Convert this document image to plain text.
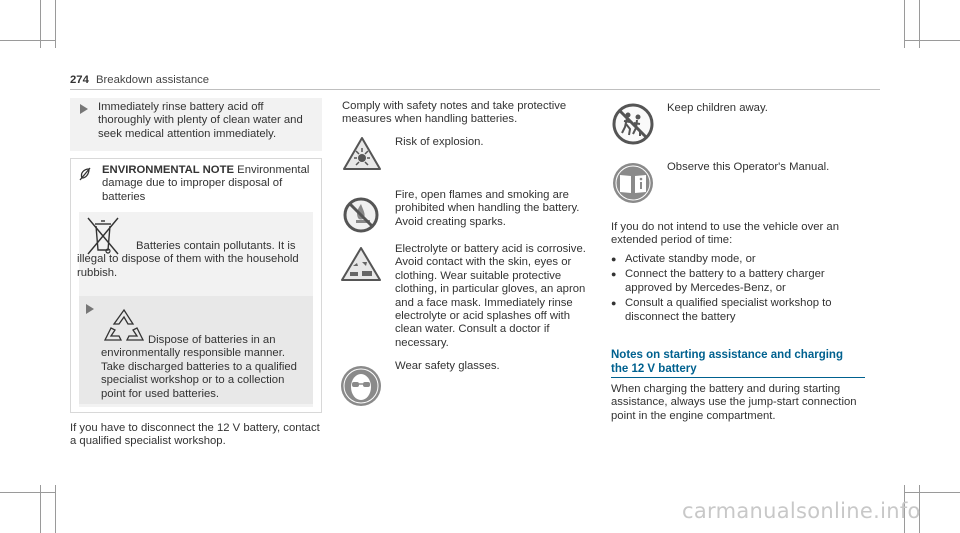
274 Breakdown assistance

Immediately rinse battery acid off thoroughly with plenty of clean water and seek medical attention immediately.

ENVIRONMENTAL NOTE Environmental damage due to improper disposal of batteries

Batteries contain pollutants. It is illegal to dispose of them with the household rubbish.

Dispose of batteries in an environmentally responsible manner. Take discharged batteries to a qualified specialist workshop or to a collection point for used batteries.

If you have to disconnect the 12 V battery, contact a qualified specialist workshop.

Comply with safety notes and take protective measures when handling batteries.

Risk of explosion.

Fire, open flames and smoking are prohibited when handling the battery. Avoid creating sparks.

Electrolyte or battery acid is corrosive. Avoid contact with the skin, eyes or clothing. Wear suitable protective clothing, in particular gloves, an apron and a face mask. Immediately rinse electrolyte or acid splashes off with clean water. Consult a doctor if necessary.

Wear safety glasses.

Keep children away.

Observe this Operator's Manual.

If you do not intend to use the vehicle over an extended period of time:

● Activate standby mode, or
● Connect the battery to a battery charger approved by Mercedes-Benz, or
● Consult a qualified specialist workshop to disconnect the battery
Notes on starting assistance and charging
the 12 V battery

When charging the battery and during starting assistance, always use the jump-start connection point in the engine compartment.

carmanualsonline.info
